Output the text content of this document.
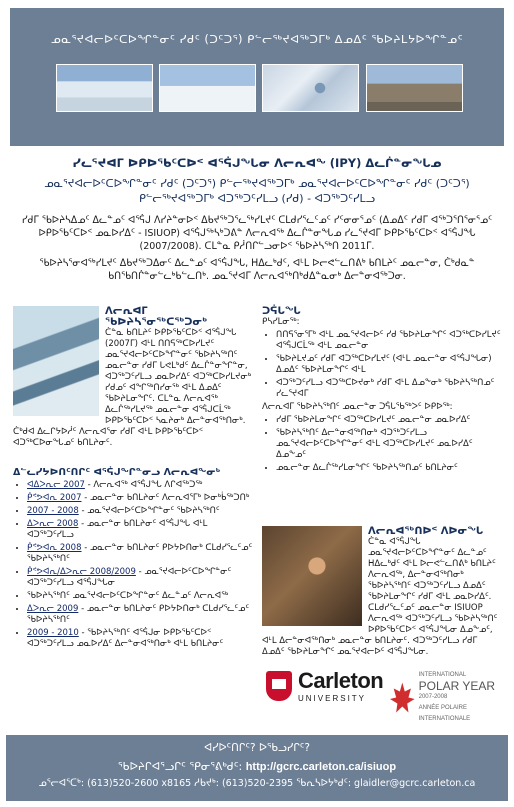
ᓄᓇᕐᔪᐊᓕᐅᑦᑕᐅᖏᓐᓂᑦ ᓯᑯᑦ (ᑐᑦᑐᕐ) ᑭᓪᓕᖅᔪᐊᖅᑐᒥᒃ ᐃᓄᐃᑦ ᖃᐅᔨᒪᔭᐅᖏᓐᓄᑦ
ᓯᓚᕐᔪᐊᒥ ᐅᑭᐅᖃᑦᑕᐅᑉ ᐊᕐᕌᒍᖓᓂ ᐱᓕᕆᐊᖕ (IPY) ᐃᓚᒌᓐᓂᖓᓄ
ᓄᓇᕐᔪᐊᓕᐅᑦᑕᐅᖏᓐᓂᑦ ᓯᑯᑦ (ᑐᑦᑐᕐ) ᑭᓪᓕᖅᔪᐊᖅᑐᒥᒃ ᓄᓇᕐᔪᐊᓕᐅᑦᑕᐅᖏᓐᓂᑦ ᓯᑯᑦ (ᑐᑦᑐᕐ) ᑭᓪᓕᖅᔪᐊᖅᑐᒥᒃ ᐊᑐᖅᑐᑦᓯᒪᓗ (ᓯᑯ) - ᐊᑐᖅᑐᑦᓯᒪᓗ
ᓯᑯᒥ ᖃᐅᔨᓴᐃᓄᑦ ᐃᓚᓐᓄᑦ ᐊᕐᕌᒍ ᐱᓯᔨᓐᓂᐅᑉ ᐃᑲᔪᖅᑐᕐᓚᖅᓯᒪᔪᑦ ᑕᒪᑯᓯᕐᓚᑦᓄᑦ ᓯᑦᓂᓂᕐᓄᑦ (ᐃᓄᐃᑦ ᓯᑯᒥ ᐊᖅᑐᕐᑎᕐᓂᕐᓄᑦ ᐅᑭᐅᖃᑦᑕᐅᑉ ᓄᓇᐅᓯᐃᑦ - ISIUOP) ᐊᕐᕌᒍᖅᓴᒃᑐᕕᓐ ᐱᓕᕆᐊᖅ ᐃᓚᒌᓐᓂᖓᓄ ᓯᓚᕐᔪᐊᒥ ᐅᑭᐅᖃᑦᑕᐅᑉ ᐊᕐᕌᒍᖓ (2007/2008). ᑕᒪᓐᓇ ᑭᓲᑎᒋᓪᓗᓂᐅᑉ ᖃᐅᔨᓴᖅᑎ 2011ᒥ.
ᖃᐅᔨᓴᕐᓂᐊᖅᓯᒪᔪᑦ ᐃᑲᔪᖅᑐᐃᓂᑦ ᐃᓚᓐᓄᑦ ᐊᕐᕌᒍᖓ, ᕼᐃᓚᒃᑯᑦ, ᐊᒻᒪ ᐅᓕᕙᓪᓚᑎᕕᒃ ᑲᑎᒪᔨᑦ ᓄᓇᓕᓐᓂ, ᑖᒃᑯᓇᓐ ᑲᑎᖃᑎᒌᓐᓂᓪᓚᒃᑲᓪᓚᑎᒃ. ᓄᓇᕐᔪᐊᒥ ᐱᓕᕆᐊᖅᑎᒃᑯᐃᓐᓇᓂᒃ ᐃᓕᓐᓂᐊᖅᑐᓂ.
ᐱᓕᕆᐊᒥ ᖃᐅᔨᓴᕐᓂᖅᑕᖅᑐᓂᒃ
ᑖᓐᓇ ᑲᑎᒪᔨᑦ ᐅᑭᐅᖃᑦᑕᐅᑉ ᐊᕐᕌᒍᖓ (2007ᒥ) ᐊᒻᒪ ᑎᑎᕋᖅᑕᐅᓯᒪᔪᑦ ᓄᓇᕐᔪᐊᓕᐅᑦᑕᐅᖏᓐᓂᑦ ᖃᐅᔨᓴᖅᑎᑦ ᓄᓇᓕᓐᓂ ᓯᑯᒥ ᒐᕙᒪᒃᑯᑦ ᐃᓚᒌᓐᓂᖏᓐᓂ, ᐊᑐᖅᑐᑦᓯᒪᓗ ᓄᓇᐅᓯᐃᑦ ᐊᑐᖅᑕᐅᓯᒪᔪᓂᒃ ᓯᑯᓄᑦ ᐊᖏᖅᑎᓯᓂᖅ ᐊᒻᒪ ᐃᓄᐃᑦ ᖃᐅᔨᒪᓂᖏᑦ. ᑕᒪᓐᓇ ᐱᓕᕆᐊᖅ ᐃᓚᒌᖅᓯᒪᔪᖅ ᓄᓇᓕᓐᓂ ᐊᕐᕌᒍᑕᒫᖅ ᐅᑭᐅᖃᑦᑕᐅᑉ ᓴᓇᔨᓂᒃ ᐃᓕᓐᓂᐊᖅᑎᓂᒃ. ᑖᒃᑯᐊ ᐃᓚᒋᔭᐅᓲᑦ ᐱᓕᕆᐊᕐᓂ ᓯᑯᒥ ᐊᒻᒪ ᐅᑭᐅᖃᑦᑕᐅᑉ ᐊᑐᖅᑕᐅᓂᖓᓄᑦ ᑲᑎᒪᔨᓂᑦ.
ᐃᓪᓚᓯᔭᐅᑎᑦᑎᒋᑦ ᐊᕐᕌᒍᖏᓐᓂᓗ ᐱᓕᕆᐊᖕᓂᒃ
• ᐊᐃᐳᕆᓕ 2007 - ᐱᓕᕆᐊᖅ ᐊᕐᕌᒍᖓ ᐱᒋᐊᖅᑐᖅ
• ᑮᕝᕗᐊᕆ 2007 - ᓄᓇᓕᓐᓂ ᑲᑎᒪᔨᓂᑦ ᐱᓕᕆᐊᕐᒥᒃ ᐅᓂᒃᑳᖅᑐᑎᒃ
• 2007 - 2008 - ᓄᓇᕐᔪᐊᓕᐅᑦᑕᐅᖏᓐᓂᑦ ᖃᐅᔨᓴᖅᑎᑦ
• ᐃᐳᕆᓕ 2008 - ᓄᓇᓕᓐᓂ ᑲᑎᒪᔨᓂᑦ ᐊᕐᕌᒍᖓ ᐊᒻᒪ ᐊᑐᖅᑐᑦᓯᒪᓗ
• ᑮᕝᕗᐊᕆ 2008 - ᓄᓇᓕᓐᓂ ᑲᑎᒪᔨᓂᑦ ᑭᐅᔭᐅᑎᓂᒃ ᑕᒪᑯᓯᕐᓚᑦᓄᑦ ᖃᐅᔨᓴᖅᑎᑦ
• ᑮᕝᕗᐊᕆ/ᐃᐳᕆᓕ 2008/2009 - ᓄᓇᕐᔪᐊᓕᐅᑦᑕᐅᖏᓐᓂᑦ ᐊᑐᖅᑐᑦᓯᒪᓗ ᐊᕐᕌᒍᖓᓂ
• ᖃᐅᔨᓴᖅᑎᑦ ᓄᓇᕐᔪᐊᓕᐅᑦᑕᐅᖏᓐᓂᑦ ᐃᓚᓐᓄᑦ ᐱᓕᕆᐊᖅ
• ᐃᐳᕆᓕ 2009 - ᓄᓇᓕᓐᓂ ᑲᑎᒪᔨᓂᑦ ᑭᐅᔭᐅᑎᓂᒃ ᑕᒪᑯᓯᕐᓚᑦᓄᑦ ᖃᐅᔨᓴᖅᑎᑦ
• 2009 - 2010 - ᖃᐅᔨᓴᖅᑎᑦ ᐊᕐᕌᒍᓂ ᐅᑭᐅᖃᑦᑕᐅᑉ ᐊᑐᖅᑐᑦᓯᒪᓗ ᓄᓇᐅᓯᐃᑦ ᐃᓕᓐᓂᐊᖅᑎᓂᒃ ᐊᒻᒪ ᑲᑎᒪᔨᓂᑦ
ᑐᕌᒐᖓ
ᑭᓴᓯᒪᓂᖅ:
• ᑎᑎᕋᕐᓂᕐᒥᒃ ᐊᒻᒪ ᓄᓇᕐᔪᐊᓕᐅᑦ ᓯᑯ ᖃᐅᔨᒪᓂᖏᑦ ᐊᑐᖅᑕᐅᓯᒪᔪᑦ ᐊᕐᕌᒍᑕᒫᖅ ᐊᒻᒪ ᓄᓇᓕᓐᓂ
• ᖃᐅᔨᒪᔪᓄᑦ ᓯᑯᒥ ᐊᑐᖅᑕᐅᓯᒪᔪᑦ (ᐊᒻᒪ ᓄᓇᓕᓐᓂ ᐊᕐᕌᒍᖓᓂ) ᐃᓄᐃᑦ ᖃᐅᔨᒪᓂᖏᑦ ᐊᒻᒪ
• ᐊᑐᖅᑐᑦᓯᒪᓗ ᐊᑐᖅᑕᐅᔪᓂᒃ ᓯᑯᒥ ᐊᒻᒪ ᐃᓄᖕᓂᒃ ᖃᐅᔨᓴᖅᑎᓄᑦ ᓯᓚᕐᔪᐊᒥ
ᐱᓕᕆᐊᒥ ᖃᐅᔨᓴᖅᑎᑦ ᓄᓇᓕᓐᓂ ᑐᕌᒐᖃᖅᐳᑦ ᐅᑭᐅᖅ:
• ᓯᑯᒥ ᖃᐅᔨᒪᓂᖏᑦ ᐊᑐᖅᑕᐅᓯᒪᔪᑦ ᓄᓇᓕᓐᓂ ᓄᓇᐅᓯᐃᑦ
• ᖃᐅᔨᓴᖅᑎᑦ ᐃᓕᓐᓂᐊᖅᑎᓂᒃ ᐊᑐᖅᑐᑦᓯᒪᓗ ᓄᓇᕐᔪᐊᓕᐅᑦᑕᐅᖏᓐᓂᑦ ᐊᒻᒪ ᐊᑐᖅᑕᐅᓯᒪᔪᑦ ᓄᓇᐅᓯᐃᑦ ᐃᓄᖕᓄᑦ
• ᓄᓇᓕᓐᓂ ᐃᓚᒌᖅᓯᒪᓂᖏᑦ ᖃᐅᔨᓴᖅᑎᓄᑦ ᑲᑎᒪᔨᓂᑦ
ᐱᓕᕆᐊᖅᑎᐅᑉ ᐱᐅᓂᖓ
ᑖᓐᓇ ᐊᕐᕌᒍᖓ ᓄᓇᕐᔪᐊᓕᐅᑦᑕᐅᖏᓐᓂᑦ ᐃᓚᓐᓄᑦ ᕼᐃᓚᒃᑯᑦ ᐊᒻᒪ ᐅᓕᕙᓪᓚᑎᕕᒃ ᑲᑎᒪᔨᑦ ᐱᓕᕆᐊᖅ, ᐃᓕᓐᓂᐊᖅᑎᓂᒃ ᖃᐅᔨᓴᖅᑎᑦ ᐊᑐᖅᑐᑦᓯᒪᓗ ᐃᓄᐃᑦ ᖃᐅᔨᒪᓂᖏᑦ ᓯᑯᒥ ᐊᒻᒪ ᓄᓇᐅᓯᐃᑦ. ᑕᒪᑯᓯᕐᓚᑦᓄᑦ ᓄᓇᓕᓐᓂ ISIUOP ᐱᓕᕆᐊᖅ ᐊᑐᖅᑐᑦᓯᒪᓗ ᖃᐅᔨᓴᖅᑎᑦ ᐅᑭᐅᖃᑦᑕᐅᑉ ᐊᕐᕌᒍᖓᓂ ᐃᓄᖕᓄᑦ, ᐊᒻᒪ ᐃᓕᓐᓂᐊᖅᑎᓂᒃ ᓄᓇᓕᓐᓂ ᑲᑎᒪᔨᓂᑦ. ᐊᑐᖅᑐᑦᓯᒪᓗ ᓯᑯᒥ ᐃᓄᐃᑦ ᖃᐅᔨᒪᓂᖏᑦ ᓄᓇᕐᔪᐊᓕᐅᑦ ᐊᕐᕌᒍᖓᓂ.
Carleton
UNIVERSITY
INTERNATIONAL
POLAR YEAR
2007-2008
ANNÉE POLAIRE INTERNATIONALE
ᐊᓯᐅᑦᑎᒋᑦ? ᐅᖃᓗᓯᒋᑦ?
ᖃᐅᔨᒋᐊᕐᓗᒋᑦ ᕿᓂᕐᕕᒃᑯᑦ: http://gcrc.carleton.ca/isiuop
ᓄᕐᓕᐊᕐᑕᒃ: (613)520-2600 x8165 ᓱᑲᔪᒃ: (613)520-2395 ᖃᕆᓴᐅᔭᒃᑯᑦ: glaidler@gcrc.carleton.ca
